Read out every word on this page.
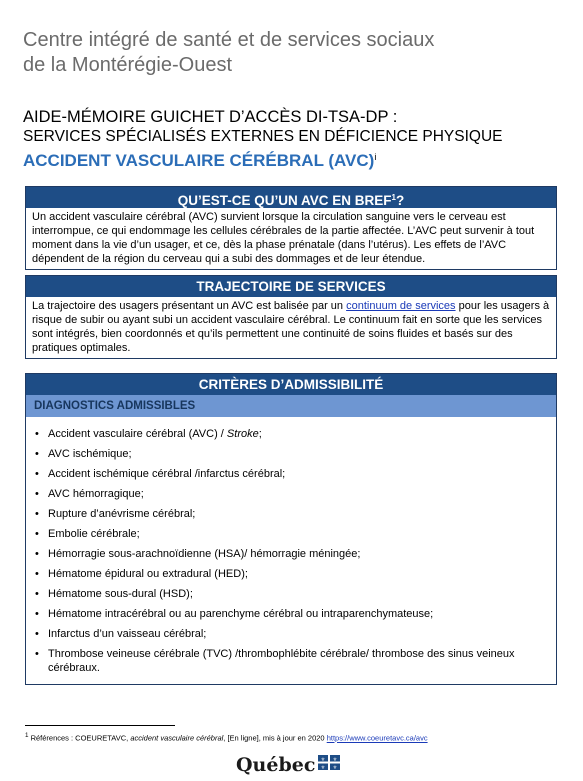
Centre intégré de santé et de services sociaux
de la Montérégie-Ouest
AIDE-MÉMOIRE GUICHET D’ACCÈS DI-TSA-DP :
SERVICES SPÉCIALISÉS EXTERNES EN DÉFICIENCE PHYSIQUE
ACCIDENT VASCULAIRE CÉRÉBRAL (AVC)$^i$
QU’EST-CE QU’UN AVC EN BREF$^1$?
Un accident vasculaire cérébral (AVC) survient lorsque la circulation sanguine vers le cerveau est interrompue, ce qui endommage les cellules cérébrales de la partie affectée. L’AVC peut survenir à tout moment dans la vie d’un usager, et ce, dès la phase prénatale (dans l’utérus). Les effets de l’AVC dépendent de la région du cerveau qui a subi des dommages et de leur étendue.
TRAJECTOIRE DE SERVICES
La trajectoire des usagers présentant un AVC est balisée par un continuum de services pour les usagers à risque de subir ou ayant subi un accident vasculaire cérébral. Le continuum fait en sorte que les services sont intégrés, bien coordonnés et qu’ils permettent une continuité de soins fluides et basés sur des pratiques optimales.
CRITÈRES D’ADMISSIBILITÉ
DIAGNOSTICS ADMISSIBLES
• Accident vasculaire cérébral (AVC) / Stroke;
• AVC ischémique;
• Accident ischémique cérébral /infarctus cérébral;
• AVC hémorragique;
• Rupture d’anévrisme cérébral;
• Embolie cérébrale;
• Hémorragie sous-arachnoïdienne (HSA)/ hémorragie méningée;
• Hématome épidural ou extradural (HED);
• Hématome sous-dural (HSD);
• Hématome intracérébral ou au parenchyme cérébral ou intraparenchymateuse;
• Infarctus d’un vaisseau cérébral;
• Thrombose veineuse cérébrale (TVC) /thrombophlébite cérébrale/ thrombose des sinus veineux cérébraux.
$^1$ Références : COEURETAVC, accident vasculaire cérébral, [En ligne], mis à jour en 2020 https://www.coeuretavc.ca/avc
Québec ⚜ ⚜
⚜ ⚜
